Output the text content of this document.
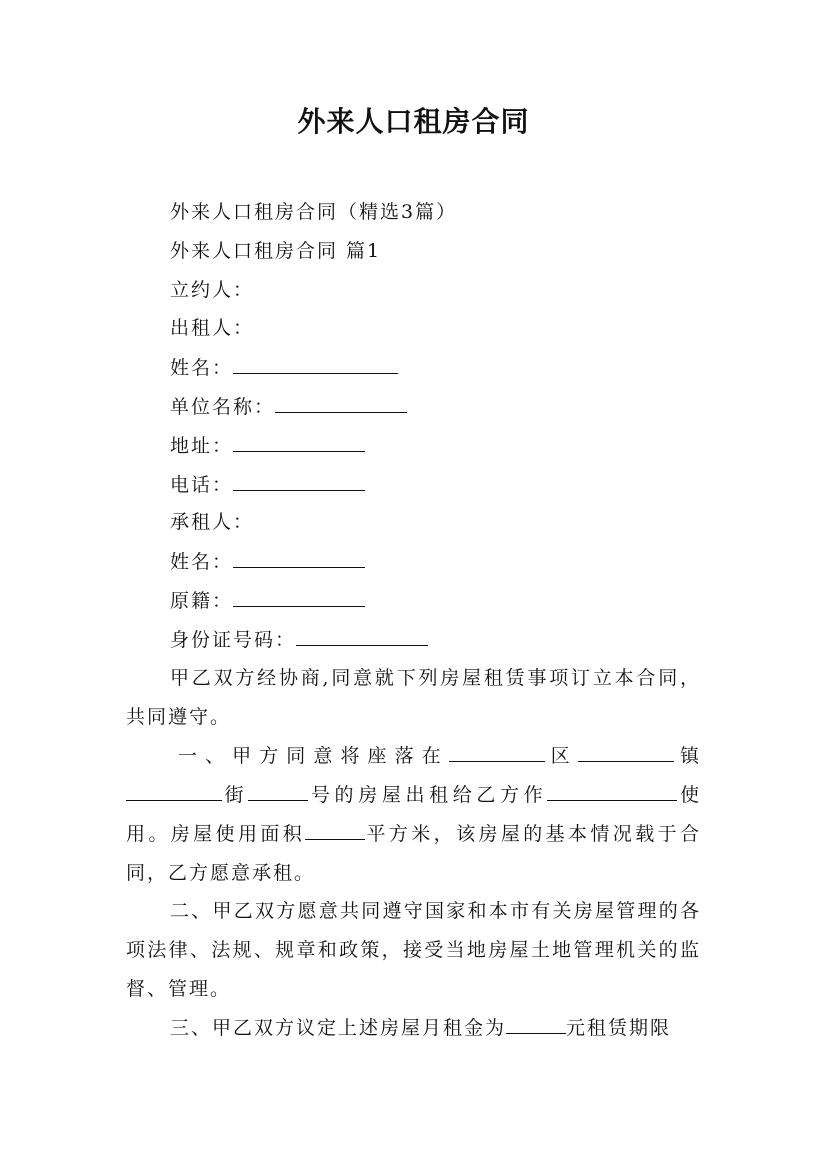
外来人口租房合同
外来人口租房合同（精选3篇）
外来人口租房合同 篇1
立约人：
出租人：
姓名：
单位名称：
地址：
电话：
承租人：
姓名：
原籍：
身份证号码：
甲乙双方经协商,同意就下列房屋租赁事项订立本合同，共同遵守。
一、甲方同意将座落在	区	镇街	号的房屋出租给乙方作	使用。房屋使用面积	平方米，该房屋的基本情况载于合同，乙方愿意承租。
二、甲乙双方愿意共同遵守国家和本市有关房屋管理的各项法律、法规、规章和政策，接受当地房屋土地管理机关的监督、管理。
三、甲乙双方议定上述房屋月租金为	元租赁期限
